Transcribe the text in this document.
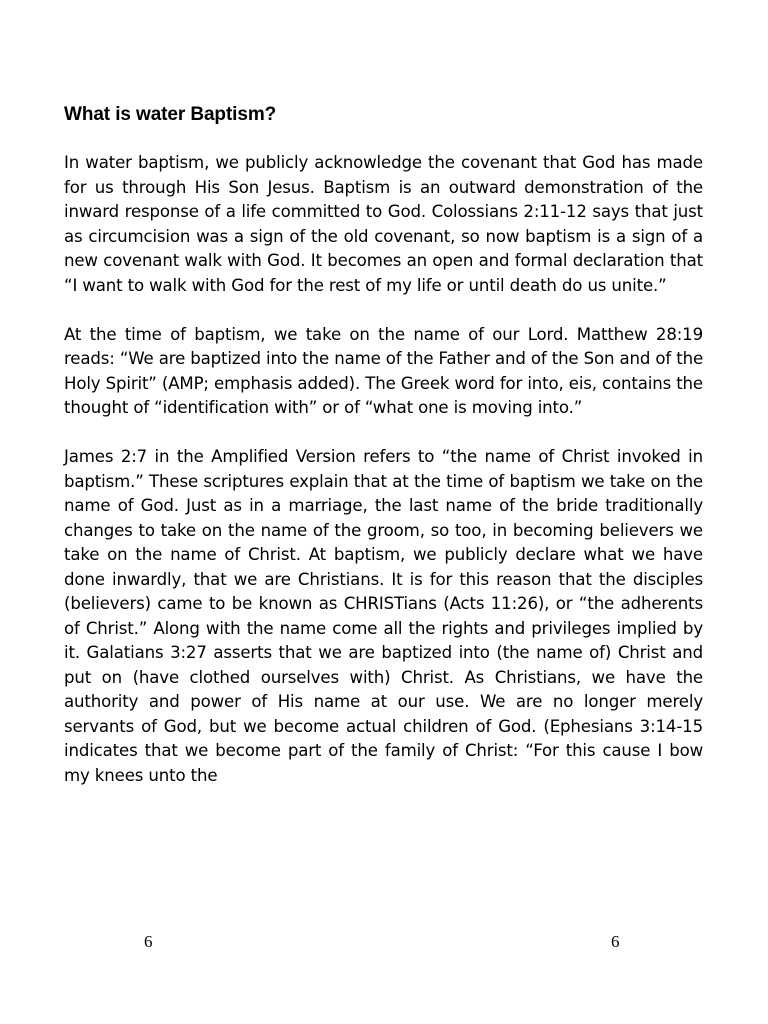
What is water Baptism?

In water baptism, we publicly acknowledge the covenant that God has made for us through His Son Jesus. Baptism is an outward demonstration of the inward response of a life committed to God. Colossians 2:11-12 says that just as circumcision was a sign of the old covenant, so now baptism is a sign of a new covenant walk with God. It becomes an open and formal declaration that “I want to walk with God for the rest of my life or until death do us unite.”

At the time of baptism, we take on the name of our Lord. Matthew 28:19 reads: “We are baptized into the name of the Father and of the Son and of the Holy Spirit” (AMP; emphasis added). The Greek word for into, eis, contains the thought of “identification with” or of “what one is moving into.”

James 2:7 in the Amplified Version refers to “the name of Christ invoked in baptism.” These scriptures explain that at the time of baptism we take on the name of God. Just as in a marriage, the last name of the bride traditionally changes to take on the name of the groom, so too, in becoming believers we take on the name of Christ. At baptism, we publicly declare what we have done inwardly, that we are Christians. It is for this reason that the disciples (believers) came to be known as CHRISTians (Acts 11:26), or “the adherents of Christ.” Along with the name come all the rights and privileges implied by it. Galatians 3:27 asserts that we are baptized into (the name of) Christ and put on (have clothed ourselves with) Christ. As Christians, we have the authority and power of His name at our use. We are no longer merely servants of God, but we become actual children of God. (Ephesians 3:14-15 indicates that we become part of the family of Christ: “For this cause I bow my knees unto the

6	6
